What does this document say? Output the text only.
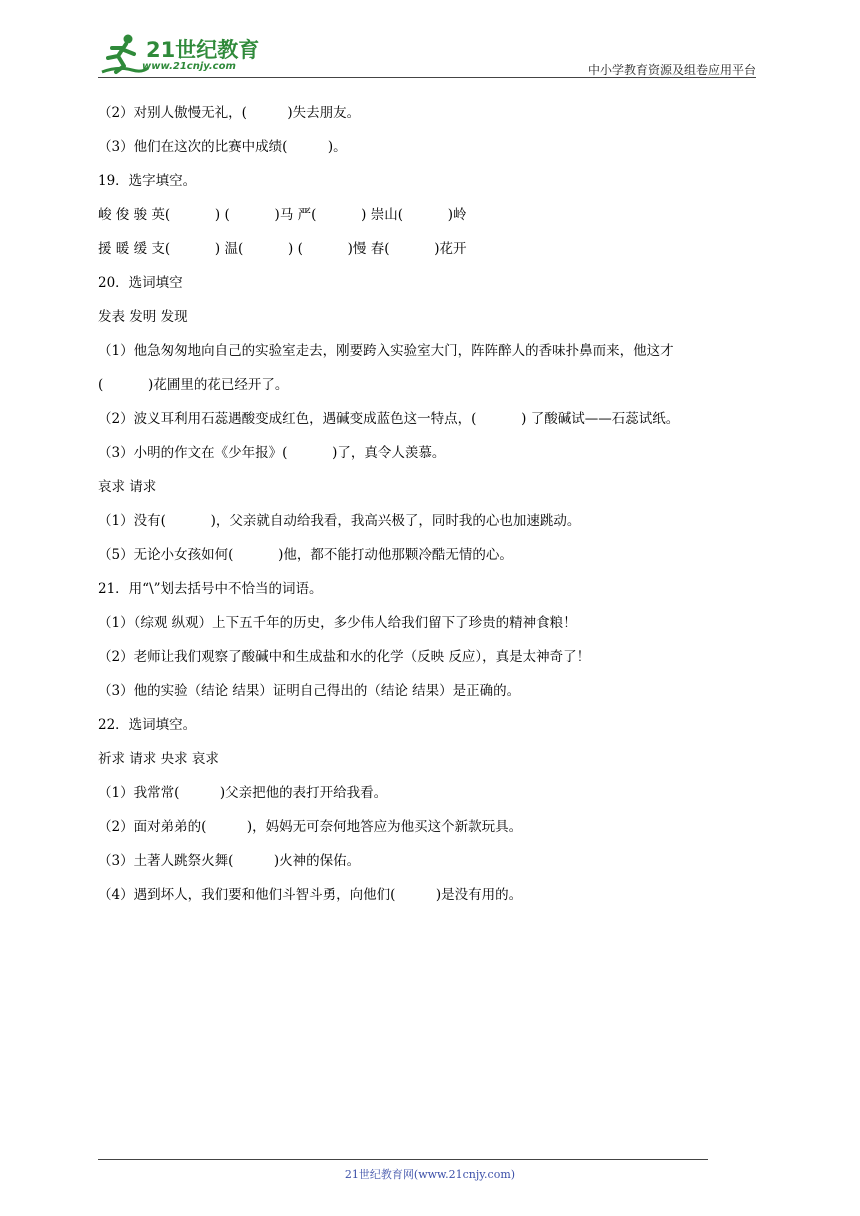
21世纪教育
www.21cnjy.com	中小学教育资源及组卷应用平台
（2）对别人傲慢无礼，(　　　)失去朋友。
（3）他们在这次的比赛中成绩(　　　)。
19．选字填空。
峻 俊 骏 英(　　　 ) (　　　 )马 严(　　　 ) 崇山(　　　 )岭
援 暖 缓 支(　　　 ) 温(　　　 ) (　　　 )慢 春(　　　 )花开
20．选词填空
发表 发明 发现
（1）他急匆匆地向自己的实验室走去，刚要跨入实验室大门，阵阵醉人的香味扑鼻而来，他这才
(　　　 )花圃里的花已经开了。
（2）波义耳利用石蕊遇酸变成红色，遇碱变成蓝色这一特点，(　　　 ) 了酸碱试——石蕊试纸。
（3）小明的作文在《少年报》(　　　 )了，真令人羡慕。
哀求 请求
（1）没有(　　　 )，父亲就自动给我看，我高兴极了，同时我的心也加速跳动。
（5）无论小女孩如何(　　　 )他，都不能打动他那颗冷酷无情的心。
21．用“\”划去括号中不恰当的词语。
（1）（综观 纵观）上下五千年的历史，多少伟人给我们留下了珍贵的精神食粮！
（2）老师让我们观察了酸碱中和生成盐和水的化学（反映 反应），真是太神奇了！
（3）他的实验（结论 结果）证明自己得出的（结论 结果）是正确的。
22．选词填空。
祈求 请求 央求 哀求
（1）我常常(　　　)父亲把他的表打开给我看。
（2）面对弟弟的(　　　)，妈妈无可奈何地答应为他买这个新款玩具。
（3）土著人跳祭火舞(　　　)火神的保佑。
（4）遇到坏人，我们要和他们斗智斗勇，向他们(　　　)是没有用的。
21世纪教育网(www.21cnjy.com)
